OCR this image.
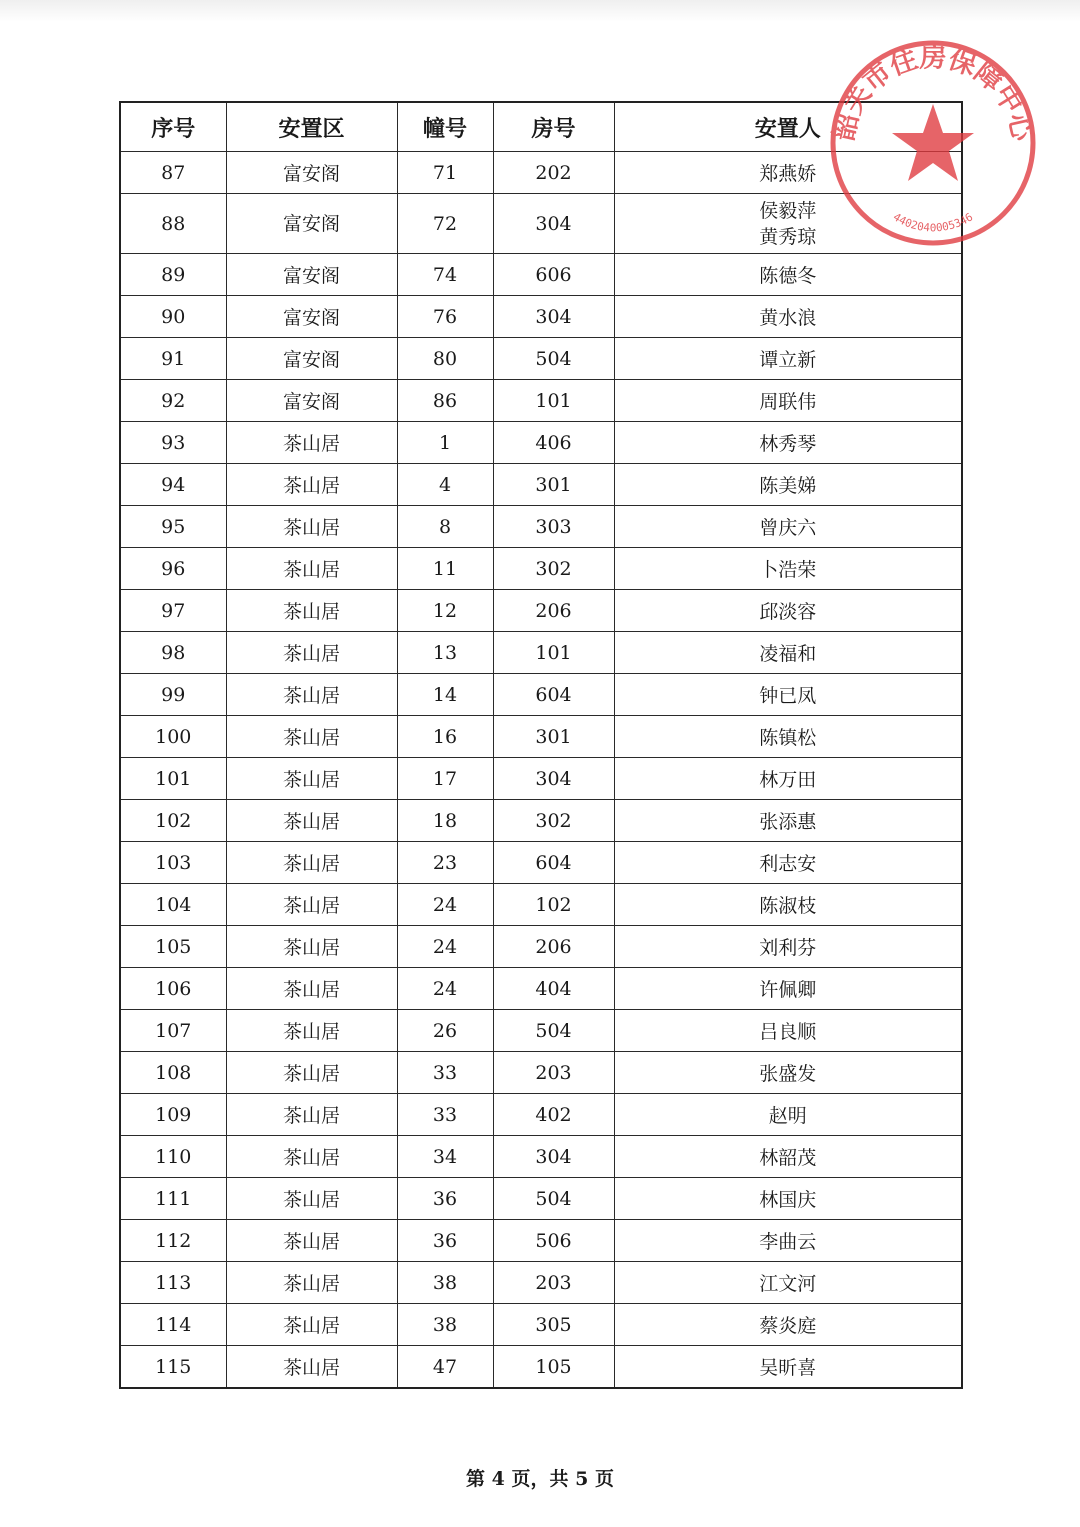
序号	安置区	幢号	房号	安置人
87	富安阁	71	202	郑燕娇

88	富安阁	72	304	侯毅萍
黄秀琼

89	富安阁	74	606	陈德冬

90	富安阁	76	304	黄水浪

91	富安阁	80	504	谭立新

92	富安阁	86	101	周联伟

93	茶山居	1	406	林秀琴

94	茶山居	4	301	陈美娣

95	茶山居	8	303	曾庆六

96	茶山居	11	302	卜浩荣

97	茶山居	12	206	邱淡容

98	茶山居	13	101	凌福和

99	茶山居	14	604	钟已凤

100	茶山居	16	301	陈镇松

101	茶山居	17	304	林万田

102	茶山居	18	302	张添惠

103	茶山居	23	604	利志安

104	茶山居	24	102	陈淑枝

105	茶山居	24	206	刘利芬

106	茶山居	24	404	许佩卿

107	茶山居	26	504	吕良顺

108	茶山居	33	203	张盛发

109	茶山居	33	402	赵明

110	茶山居	34	304	林韶茂

111	茶山居	36	504	林国庆

112	茶山居	36	506	李曲云

113	茶山居	38	203	江文河

114	茶山居	38	305	蔡炎庭

115	茶山居	47	105	吴昕喜
韶关市住房保障中心
4402040005346
第 4 页，共 5 页
